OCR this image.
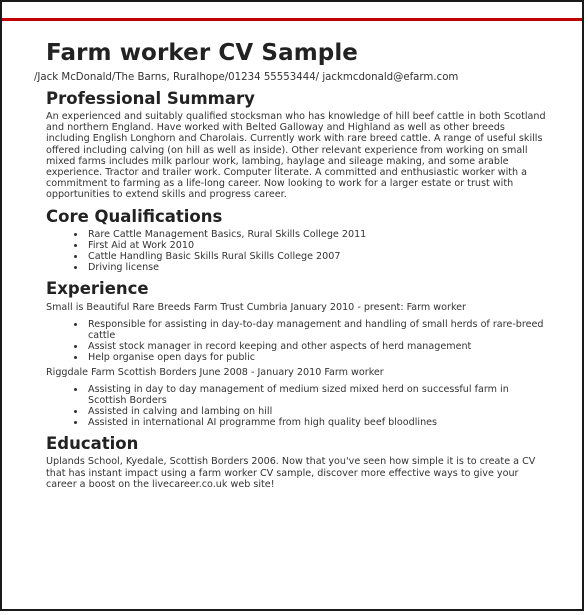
Farm worker CV Sample
/Jack McDonald/The Barns, Ruralhope/01234 55553444/ jackmcdonald@efarm.com
Professional Summary

An experienced and suitably qualified stocksman who has knowledge of hill beef cattle in both Scotland and northern England. Have worked with Belted Galloway and Highland as well as other breeds including English Longhorn and Charolais. Currently work with rare breed cattle. A range of useful skills offered including calving (on hill as well as inside). Other relevant experience from working on small mixed farms includes milk parlour work, lambing, haylage and sileage making, and some arable experience. Tractor and trailer work. Computer literate. A committed and enthusiastic worker with a commitment to farming as a life-long career. Now looking to work for a larger estate or trust with opportunities to extend skills and progress career.

Core Qualifications
• Rare Cattle Management Basics, Rural Skills College 2011
• First Aid at Work 2010
• Cattle Handling Basic Skills Rural Skills College 2007
• Driving license
Experience
Small is Beautiful Rare Breeds Farm Trust Cumbria January 2010 - present: Farm worker
• Responsible for assisting in day-to-day management and handling of small herds of rare-breed cattle
• Assist stock manager in record keeping and other aspects of herd management
• Help organise open days for public
Riggdale Farm Scottish Borders June 2008 - January 2010 Farm worker
• Assisting in day to day management of medium sized mixed herd on successful farm in Scottish Borders
• Assisted in calving and lambing on hill
• Assisted in international AI programme from high quality beef bloodlines
Education

Uplands School, Kyedale, Scottish Borders 2006. Now that you've seen how simple it is to create a CV that has instant impact using a farm worker CV sample, discover more effective ways to give your career a boost on the livecareer.co.uk web site!
